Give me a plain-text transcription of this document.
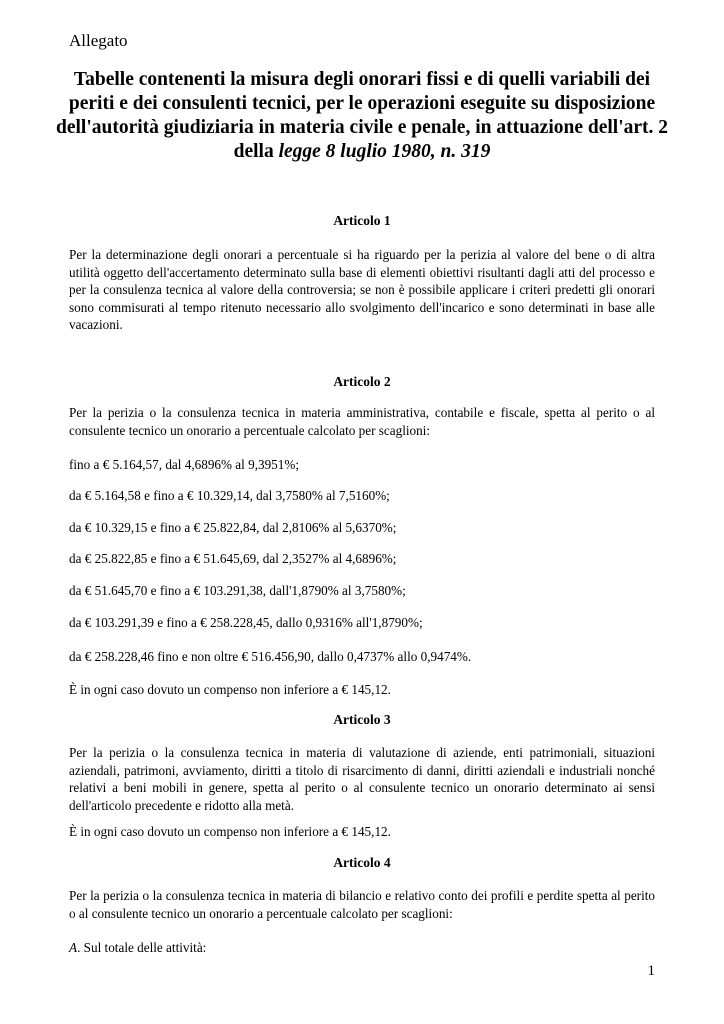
Allegato
Tabelle contenenti la misura degli onorari fissi e di quelli variabili dei periti e dei consulenti tecnici, per le operazioni eseguite su disposizione dell'autorità giudiziaria in materia civile e penale, in attuazione dell'art. 2 della legge 8 luglio 1980, n. 319
Articolo 1

Per la determinazione degli onorari a percentuale si ha riguardo per la perizia al valore del bene o di altra utilità oggetto dell'accertamento determinato sulla base di elementi obiettivi risultanti dagli atti del processo e per la consulenza tecnica al valore della controversia; se non è possibile applicare i criteri predetti gli onorari sono commisurati al tempo ritenuto necessario allo svolgimento dell'incarico e sono determinati in base alle vacazioni.

Articolo 2

Per la perizia o la consulenza tecnica in materia amministrativa, contabile e fiscale, spetta al perito o al consulente tecnico un onorario a percentuale calcolato per scaglioni:

fino a € 5.164,57, dal 4,6896% al 9,3951%;

da € 5.164,58 e fino a € 10.329,14, dal 3,7580% al 7,5160%;

da € 10.329,15 e fino a € 25.822,84, dal 2,8106% al 5,6370%;

da € 25.822,85 e fino a € 51.645,69, dal 2,3527% al 4,6896%;

da € 51.645,70 e fino a € 103.291,38, dall'1,8790% al 3,7580%;

da € 103.291,39 e fino a € 258.228,45, dallo 0,9316% all'1,8790%;

da € 258.228,46 fino e non oltre € 516.456,90, dallo 0,4737% allo 0,9474%.

È in ogni caso dovuto un compenso non inferiore a € 145,12.

Articolo 3

Per la perizia o la consulenza tecnica in materia di valutazione di aziende, enti patrimoniali, situazioni aziendali, patrimoni, avviamento, diritti a titolo di risarcimento di danni, diritti aziendali e industriali nonché relativi a beni mobili in genere, spetta al perito o al consulente tecnico un onorario determinato ai sensi dell'articolo precedente e ridotto alla metà.

È in ogni caso dovuto un compenso non inferiore a € 145,12.

Articolo 4

Per la perizia o la consulenza tecnica in materia di bilancio e relativo conto dei profili e perdite spetta al perito o al consulente tecnico un onorario a percentuale calcolato per scaglioni:

A. Sul totale delle attività:

1
